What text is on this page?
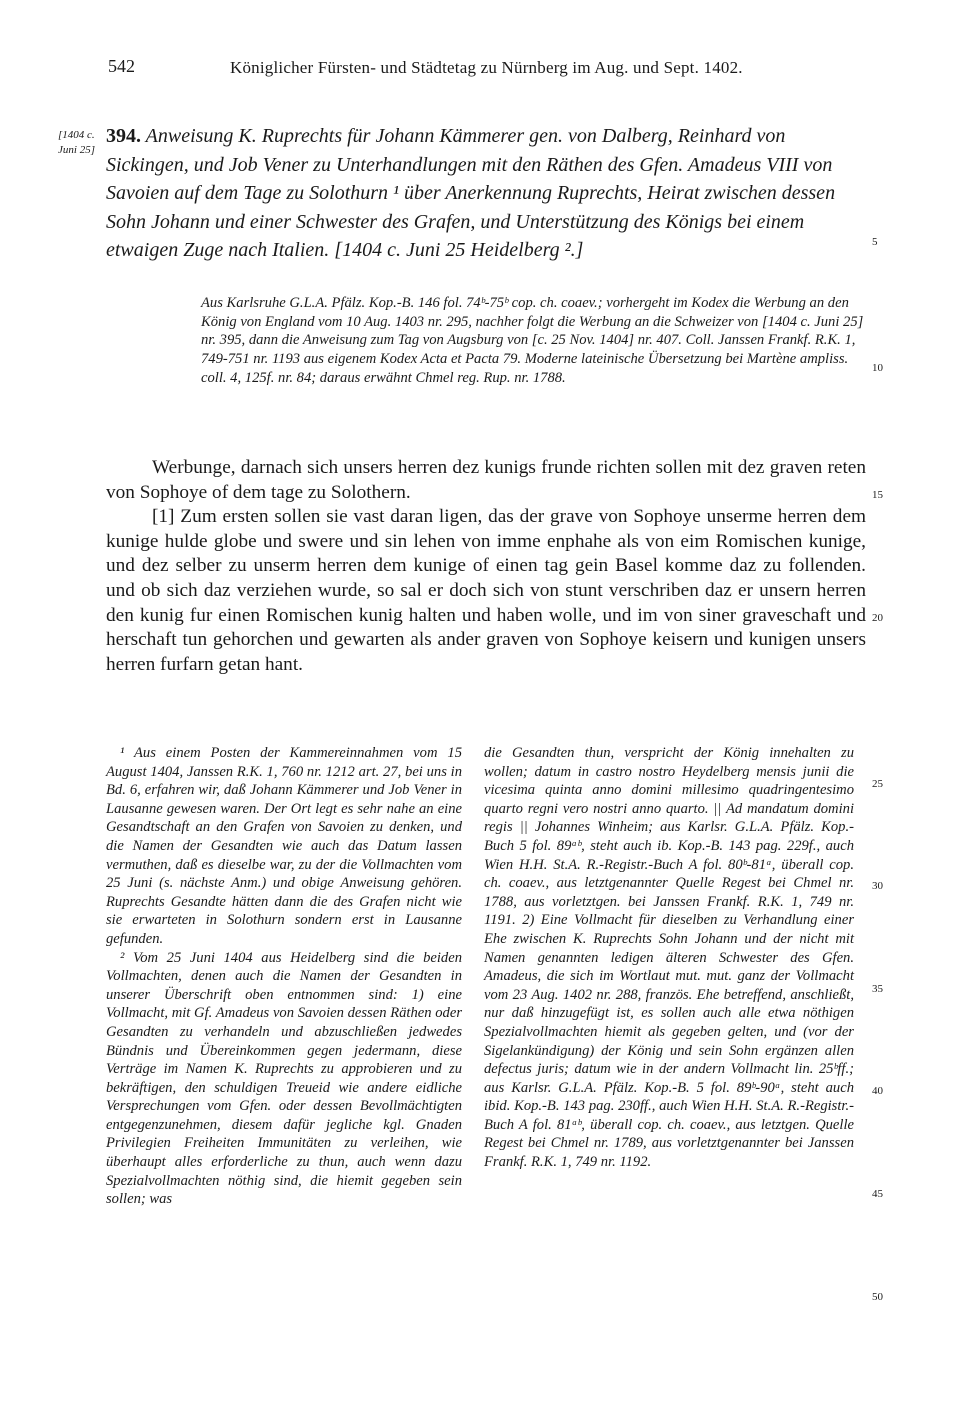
542	Königlicher Fürsten- und Städtetag zu Nürnberg im Aug. und Sept. 1402.
[1404 c. Juni 25]
394. Anweisung K. Ruprechts für Johann Kämmerer gen. von Dalberg, Reinhard von Sickingen, und Job Vener zu Unterhandlungen mit den Räthen des Gfen. Amadeus VIII von Savoien auf dem Tage zu Solothurn ¹ über Anerkennung Ruprechts, Heirat zwischen dessen Sohn Johann und einer Schwester des Grafen, und Unterstützung des Königs bei einem etwaigen Zuge nach Italien. [1404 c. Juni 25 Heidelberg ².]
Aus Karlsruhe G.L.A. Pfälz. Kop.-B. 146 fol. 74ᵇ-75ᵇ cop. ch. coaev.; vorhergeht im Kodex die Werbung an den König von England vom 10 Aug. 1403 nr. 295, nachher folgt die Werbung an die Schweizer von [1404 c. Juni 25] nr. 395, dann die Anweisung zum Tag von Augsburg von [c. 25 Nov. 1404] nr. 407. Coll. Janssen Frankf. R.K. 1, 749-751 nr. 1193 aus eigenem Kodex Acta et Pacta 79. Moderne lateinische Übersetzung bei Martène ampliss. coll. 4, 125f. nr. 84; daraus erwähnt Chmel reg. Rup. nr. 1788.

Werbunge, darnach sich unsers herren dez kunigs frunde richten sollen mit dez graven reten von Sophoye of dem tage zu Solothern.

[1] Zum ersten sollen sie vast daran ligen, das der grave von Sophoye unserme herren dem kunige hulde globe und swere und sin lehen von imme enphahe als von eim Romischen kunige, und dez selber zu unserm herren dem kunige of einen tag gein Basel komme daz zu follenden. und ob sich daz verziehen wurde, so sal er doch sich von stunt verschriben daz er unsern herren den kunig fur einen Romischen kunig halten und haben wolle, und im von siner graveschaft und herschaft tun gehorchen und gewarten als ander graven von Sophoye keisern und kunigen unsers herren furfarn getan hant.

¹ Aus einem Posten der Kammereinnahmen vom 15 August 1404, Janssen R.K. 1, 760 nr. 1212 art. 27, bei uns in Bd. 6, erfahren wir, daß Johann Kämmerer und Job Vener in Lausanne gewesen waren. Der Ort legt es sehr nahe an eine Gesandtschaft an den Grafen von Savoien zu denken, und die Namen der Gesandten wie auch das Datum lassen vermuthen, daß es dieselbe war, zu der die Vollmachten vom 25 Juni (s. nächste Anm.) und obige Anweisung gehören. Ruprechts Gesandte hätten dann die des Grafen nicht wie sie erwarteten in Solothurn sondern erst in Lausanne gefunden.

² Vom 25 Juni 1404 aus Heidelberg sind die beiden Vollmachten, denen auch die Namen der Gesandten in unserer Überschrift oben entnommen sind: 1) eine Vollmacht, mit Gf. Amadeus von Savoien dessen Räthen oder Gesandten zu verhandeln und abzuschließen jedwedes Bündnis und Übereinkommen gegen jedermann, diese Verträge im Namen K. Ruprechts zu approbieren und zu bekräftigen, den schuldigen Treueid wie andere eidliche Versprechungen vom Gfen. oder dessen Bevollmächtigten entgegenzunehmen, diesem dafür jegliche kgl. Gnaden Privilegien Freiheiten Immunitäten zu verleihen, wie überhaupt alles erforderliche zu thun, auch wenn dazu Spezialvollmachten nöthig sind, die hiemit gegeben sein sollen; was

die Gesandten thun, verspricht der König innehalten zu wollen; datum in castro nostro Heydelberg mensis junii die vicesima quinta anno domini millesimo quadringentesimo quarto regni vero nostri anno quarto. || Ad mandatum domini regis || Johannes Winheim; aus Karlsr. G.L.A. Pfälz. Kop.-Buch 5 fol. 89ᵃᵇ, steht auch ib. Kop.-B. 143 pag. 229f., auch Wien H.H. St.A. R.-Registr.-Buch A fol. 80ᵇ-81ᵃ, überall cop. ch. coaev., aus letztgenannter Quelle Regest bei Chmel nr. 1788, aus vorletztgen. bei Janssen Frankf. R.K. 1, 749 nr. 1191. 2) Eine Vollmacht für dieselben zu Verhandlung einer Ehe zwischen K. Ruprechts Sohn Johann und der nicht mit Namen genannten ledigen älteren Schwester des Gfen. Amadeus, die sich im Wortlaut mut. mut. ganz der Vollmacht vom 23 Aug. 1402 nr. 288, französ. Ehe betreffend, anschließt, nur daß hinzugefügt ist, es sollen auch alle etwa nöthigen Spezialvollmachten hiemit als gegeben gelten, und (vor der Sigelankündigung) der König und sein Sohn ergänzen allen defectus juris; datum wie in der andern Vollmacht lin. 25ᵇff.; aus Karlsr. G.L.A. Pfälz. Kop.-B. 5 fol. 89ᵇ-90ᵃ, steht auch ibid. Kop.-B. 143 pag. 230ff., auch Wien H.H. St.A. R.-Registr.-Buch A fol. 81ᵃᵇ, überall cop. ch. coaev., aus letztgen. Quelle Regest bei Chmel nr. 1789, aus vorletztgenannter bei Janssen Frankf. R.K. 1, 749 nr. 1192.

5
10
15
20
25
30
35
40
45
50
